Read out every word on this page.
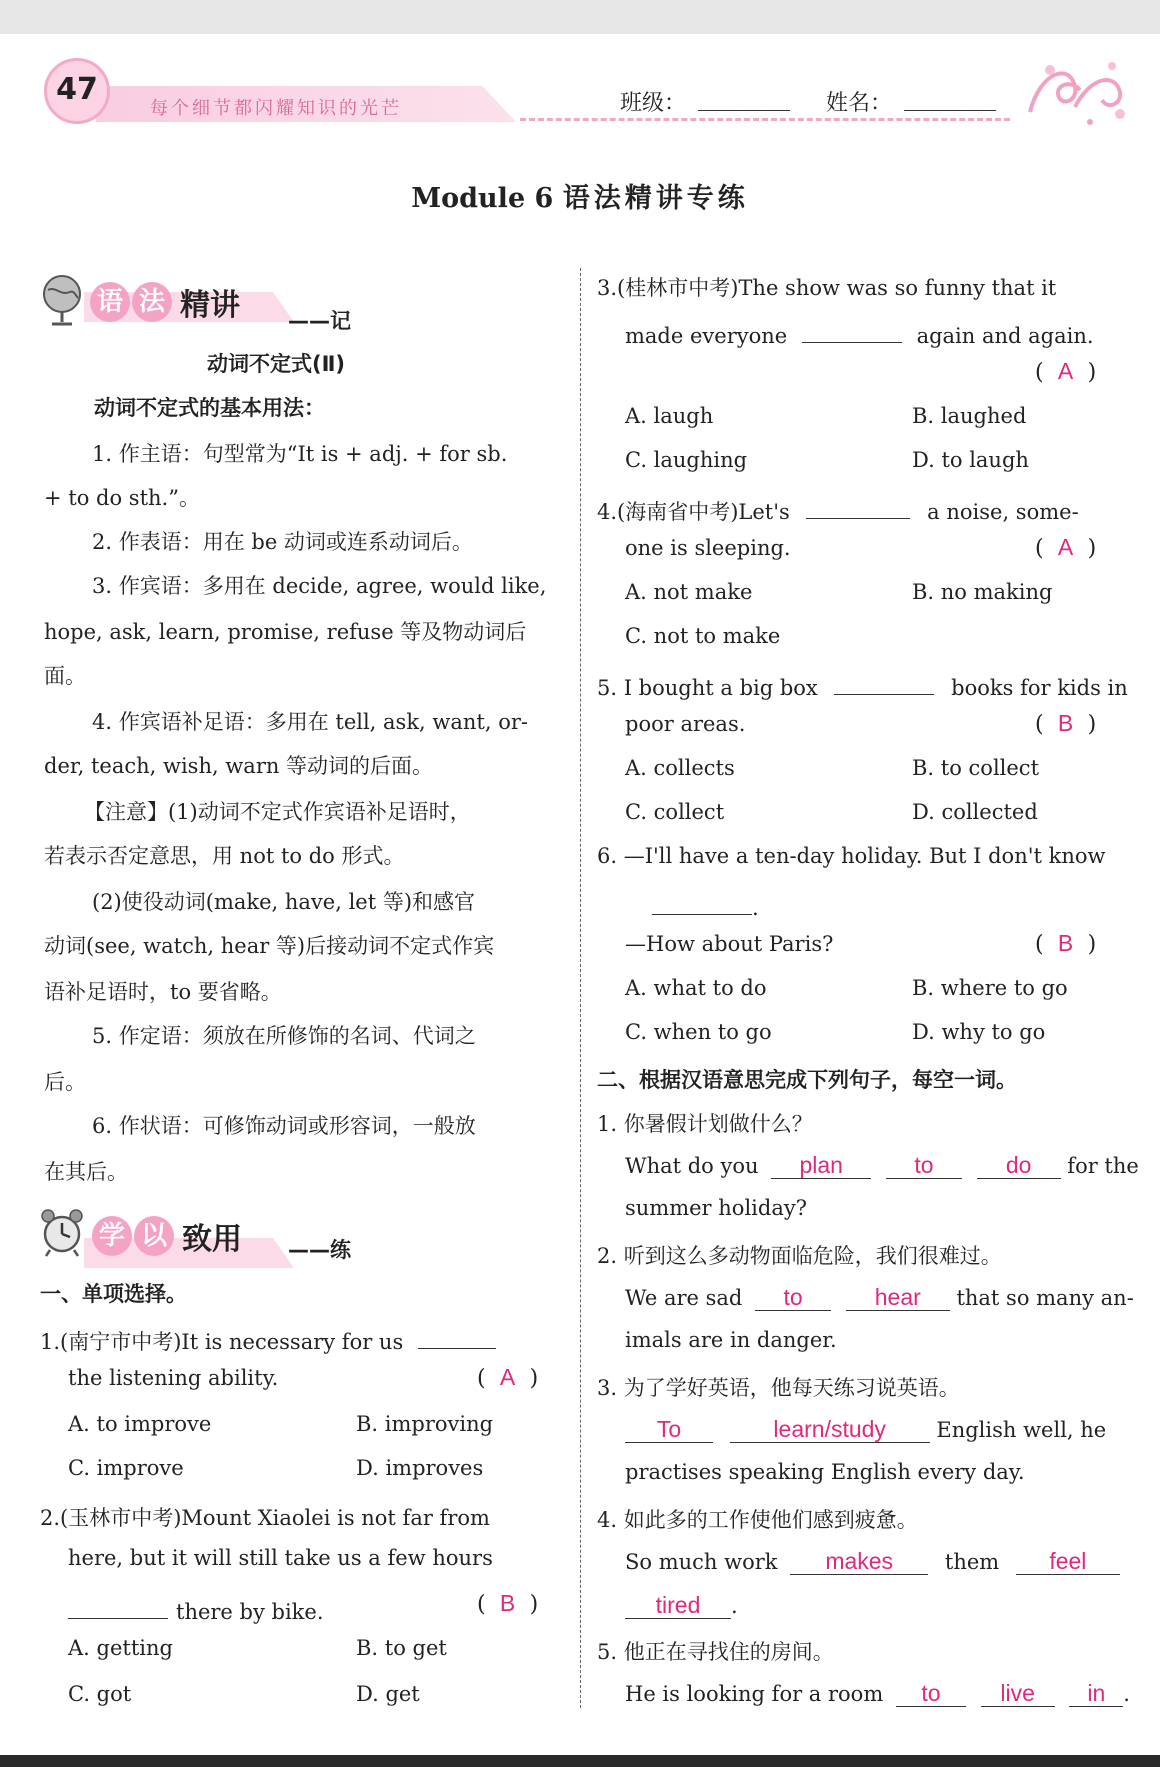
47
每个细节都闪耀知识的光芒	班级：	姓名：
Module 6 语法精讲专练
语 法 精讲 ——记
动词不定式(Ⅱ)
动词不定式的基本用法：
1. 作主语：句型常为“It is + adj. + for sb.
+ to do sth.”。
2. 作表语：用在 be 动词或连系动词后。
3. 作宾语：多用在 decide, agree, would like,
hope, ask, learn, promise, refuse 等及物动词后
面。
4. 作宾语补足语：多用在 tell, ask, want, or-
der, teach, wish, warn 等动词的后面。
【注意】(1)动词不定式作宾语补足语时，
若表示否定意思，用 not to do 形式。
(2)使役动词(make, have, let 等)和感官
动词(see, watch, hear 等)后接动词不定式作宾
语补足语时，to 要省略。
5. 作定语：须放在所修饰的名词、代词之
后。
6. 作状语：可修饰动词或形容词，一般放
在其后。
学 以 致用 ——练
一、单项选择。
1.(南宁市中考)It is necessary for us
the listening ability.	( A )
A. to improve	B. improving
C. improve	D. improves
2.(玉林市中考)Mount Xiaolei is not far from
here, but it will still take us a few hours
there by bike.	( B )
A. getting	B. to get
C. got	D. get
3.(桂林市中考)The show was so funny that it
made everyone	again and again.
( A )
A. laugh	B. laughed
C. laughing	D. to laugh
4.(海南省中考)Let's	a noise, some-
one is sleeping.	( A )
A. not make	B. no making
C. not to make
5. I bought a big box	books for kids in
poor areas.	( B )
A. collects	B. to collect
C. collect	D. collected
6. —I'll have a ten-day holiday. But I don't know
.
—How about Paris?	( B )
A. what to do	B. where to go
C. when to go	D. why to go
二、根据汉语意思完成下列句子，每空一词。
1. 你暑假计划做什么？
What do you plan	to	do for the
summer holiday?
2. 听到这么多动物面临危险，我们很难过。
We are sad to	hear that so many an-
imals are in danger.
3. 为了学好英语，他每天练习说英语。
To	learn/study English well, he
practises speaking English every day.
4. 如此多的工作使他们感到疲惫。
So much work makes them feel
tired .
5. 他正在寻找住的房间。
He is looking for a room to	live in .
